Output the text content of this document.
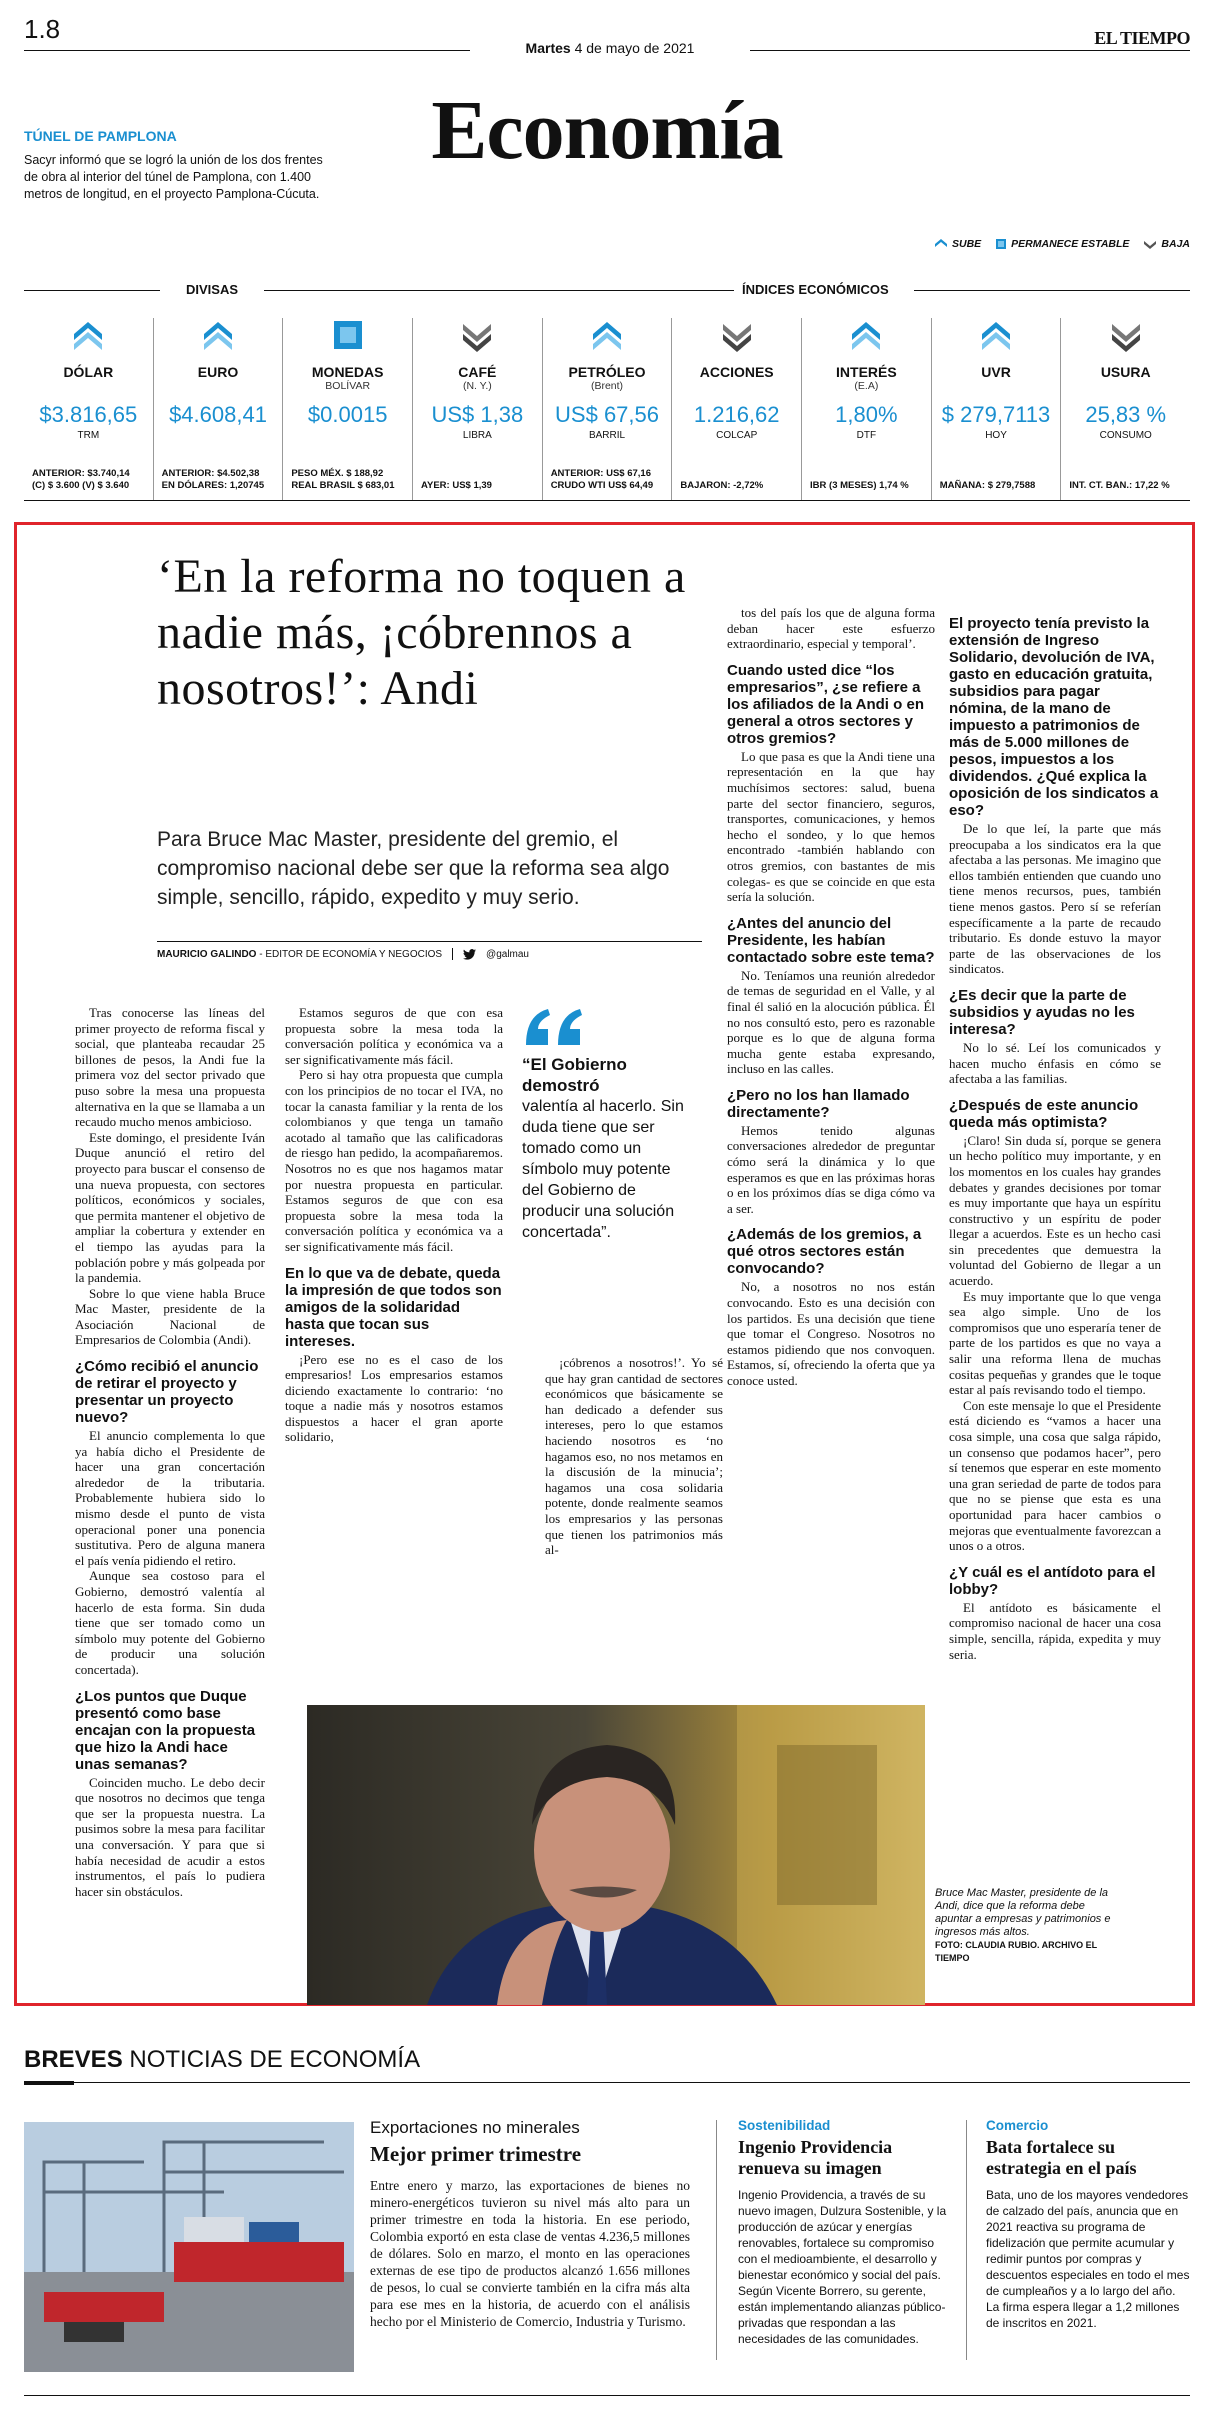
1.8
Martes 4 de mayo de 2021	EL TIEMPO
Economía
TÚNEL DE PAMPLONA
Sacyr informó que se logró la unión de los dos frentes de obra al interior del túnel de Pamplona, con 1.400 metros de longitud, en el proyecto Pamplona-Cúcuta.
SUBE	PERMANECE ESTABLE	BAJA
DIVISAS	ÍNDICES ECONÓMICOS
DÓLAR
$3.816,65
TRM
ANTERIOR: $3.740,14
(C) $ 3.600 (V) $ 3.640
EURO
$4.608,41
ANTERIOR: $4.502,38
EN DÓLARES: 1,20745
MONEDAS
BOLÍVAR
$0.0015
PESO MÉX. $ 188,92
REAL BRASIL $ 683,01
CAFÉ
(N. Y.)
US$ 1,38
LIBRA
AYER: US$ 1,39
PETRÓLEO
(Brent)
US$ 67,56
BARRIL
ANTERIOR: US$ 67,16
CRUDO WTI US$ 64,49
ACCIONES
1.216,62
COLCAP
BAJARON: -2,72%
INTERÉS
(E.A)
1,80%
DTF
IBR (3 MESES) 1,74 %
UVR
$ 279,7113
HOY
MAÑANA: $ 279,7588
USURA
25,83 %
CONSUMO
INT. CT. BAN.: 17,22 %
‘En la reforma no toquen a nadie más, ¡cóbrennos a nosotros!’: Andi
Para Bruce Mac Master, presidente del gremio, el compromiso nacional debe ser que la reforma sea algo simple, sencillo, rápido, expedito y muy serio.
MAURICIO GALINDO - EDITOR DE ECONOMÍA Y NEGOCIOS	@galmau

Tras conocerse las líneas del primer proyecto de reforma fiscal y social, que planteaba recaudar 25 billones de pesos, la Andi fue la primera voz del sector privado que puso sobre la mesa una propuesta alternativa en la que se llamaba a un recaudo mucho menos ambicioso.

Este domingo, el presidente Iván Duque anunció el retiro del proyecto para buscar el consenso de una nueva propuesta, con sectores políticos, económicos y sociales, que permita mantener el objetivo de ampliar la cobertura y extender en el tiempo las ayudas para la población pobre y más golpeada por la pandemia.

Sobre lo que viene habla Bruce Mac Master, presidente de la Asociación Nacional de Empresarios de Colombia (Andi).

¿Cómo recibió el anuncio de retirar el proyecto y presentar un proyecto nuevo?

El anuncio complementa lo que ya había dicho el Presidente de hacer una gran concertación alrededor de la tributaria. Probablemente hubiera sido lo mismo desde el punto de vista operacional poner una ponencia sustitutiva. Pero de alguna manera el país venía pidiendo el retiro.

Aunque sea costoso para el Gobierno, demostró valentía al hacerlo de esta forma. Sin duda tiene que ser tomado como un símbolo muy potente del Gobierno de producir una solución concertada).

¿Los puntos que Duque presentó como base encajan con la propuesta que hizo la Andi hace unas semanas?

Coinciden mucho. Le debo decir que nosotros no decimos que tenga que ser la propuesta nuestra. La pusimos sobre la mesa para facilitar una conversación. Y para que si había necesidad de acudir a estos instrumentos, el país lo pudiera hacer sin obstáculos.

Estamos seguros de que con esa propuesta sobre la mesa toda la conversación política y económica va a ser significativamente más fácil.

Pero si hay otra propuesta que cumpla con los principios de no tocar el IVA, no tocar la canasta familiar y la renta de los colombianos y que tenga un tamaño acotado al tamaño que las calificadoras de riesgo han pedido, la acompañaremos. Nosotros no es que nos hagamos matar por nuestra propuesta en particular. Estamos seguros de que con esa propuesta sobre la mesa toda la conversación política y económica va a ser significativamente más fácil.

En lo que va de debate, queda la impresión de que todos son amigos de la solidaridad hasta que tocan sus intereses.

¡Pero ese no es el caso de los empresarios! Los empresarios estamos diciendo exactamente lo contrario: ‘no toque a nadie más y nosotros estamos dispuestos a hacer el gran aporte solidario,

¡cóbrenos a nosotros!’. Yo sé que hay gran cantidad de sectores económicos que básicamente se han dedicado a defender sus intereses, pero lo que estamos haciendo nosotros es ‘no hagamos eso, no nos metamos en la discusión de la minucia’; hagamos una cosa solidaria potente, donde realmente seamos los empresarios y las personas que tienen los patrimonios más al-

“El Gobierno demostró
valentía al hacerlo. Sin duda tiene que ser tomado como un símbolo muy potente del Gobierno de producir una solución concertada”.

tos del país los que de alguna forma deban hacer este esfuerzo extraordinario, especial y temporal’.

Cuando usted dice “los empresarios”, ¿se refiere a los afiliados de la Andi o en general a otros sectores y otros gremios?

Lo que pasa es que la Andi tiene una representación en la que hay muchísimos sectores: salud, buena parte del sector financiero, seguros, transportes, comunicaciones, y hemos hecho el sondeo, y lo que hemos encontrado -también hablando con otros gremios, con bastantes de mis colegas- es que se coincide en que esta sería la solución.

¿Antes del anuncio del Presidente, les habían contactado sobre este tema?

No. Teníamos una reunión alrededor de temas de seguridad en el Valle, y al final él salió en la alocución pública. Él no nos consultó esto, pero es razonable porque es lo que de alguna forma mucha gente estaba expresando, incluso en las calles.

¿Pero no los han llamado directamente?

Hemos tenido algunas conversaciones alrededor de preguntar cómo será la dinámica y lo que esperamos es que en las próximas horas o en los próximos días se diga cómo va a ser.

¿Además de los gremios, a qué otros sectores están convocando?

No, a nosotros no nos están convocando. Esto es una decisión con los partidos. Es una decisión que tiene que tomar el Congreso. Nosotros no estamos pidiendo que nos convoquen. Estamos, sí, ofreciendo la oferta que ya conoce usted.

El proyecto tenía previsto la extensión de Ingreso Solidario, devolución de IVA, gasto en educación gratuita, subsidios para pagar nómina, de la mano de impuesto a patrimonios de más de 5.000 millones de pesos, impuestos a los dividendos. ¿Qué explica la oposición de los sindicatos a eso?

De lo que leí, la parte que más preocupaba a los sindicatos era la que afectaba a las personas. Me imagino que ellos también entienden que cuando uno tiene menos recursos, pues, también tiene menos gastos. Pero sí se referían específicamente a la parte de recaudo tributario. Es donde estuvo la mayor parte de las observaciones de los sindicatos.

¿Es decir que la parte de subsidios y ayudas no les interesa?

No lo sé. Leí los comunicados y hacen mucho énfasis en cómo se afectaba a las familias.

¿Después de este anuncio queda más optimista?

¡Claro! Sin duda sí, porque se genera un hecho político muy importante, y en los momentos en los cuales hay grandes debates y grandes decisiones por tomar es muy importante que haya un espíritu constructivo y un espíritu de poder llegar a acuerdos. Este es un hecho casi sin precedentes que demuestra la voluntad del Gobierno de llegar a un acuerdo.

Es muy importante que lo que venga sea algo simple. Uno de los compromisos que uno esperaría tener de parte de los partidos es que no vaya a salir una reforma llena de muchas cositas pequeñas y grandes que le toque estar al país revisando todo el tiempo.

Con este mensaje lo que el Presidente está diciendo es “vamos a hacer una cosa simple, una cosa que salga rápido, un consenso que podamos hacer”, pero sí tenemos que esperar en este momento una gran seriedad de parte de todos para que no se piense que esta es una oportunidad para hacer cambios o mejoras que eventualmente favorezcan a unos o a otros.

¿Y cuál es el antídoto para el lobby?

El antídoto es básicamente el compromiso nacional de hacer una cosa simple, sencilla, rápida, expedita y muy seria.

Bruce Mac Master, presidente de la Andi, dice que la reforma debe apuntar a empresas y patrimonios e ingresos más altos.
FOTO: CLAUDIA RUBIO. ARCHIVO EL TIEMPO
BREVES NOTICIAS DE ECONOMÍA
Exportaciones no minerales
Mejor primer trimestre
Entre enero y marzo, las exportaciones de bienes no minero-energéticos tuvieron su nivel más alto para un primer trimestre en toda la historia. En ese periodo, Colombia exportó en esta clase de ventas 4.236,5 millones de dólares. Solo en marzo, el monto en las operaciones externas de ese tipo de productos alcanzó 1.656 millones de pesos, lo cual se convierte también en la cifra más alta para ese mes en la historia, de acuerdo con el análisis hecho por el Ministerio de Comercio, Industria y Turismo.
Sostenibilidad
Ingenio Providencia renueva su imagen
Ingenio Providencia, a través de su nuevo imagen, Dulzura Sostenible, y la producción de azúcar y energías renovables, fortalece su compromiso con el medioambiente, el desarrollo y bienestar económico y social del país. Según Vicente Borrero, su gerente, están implementando alianzas público-privadas que respondan a las necesidades de las comunidades.
Comercio
Bata fortalece su estrategia en el país
Bata, uno de los mayores vendedores de calzado del país, anuncia que en 2021 reactiva su programa de fidelización que permite acumular y redimir puntos por compras y descuentos especiales en todo el mes de cumpleaños y a lo largo del año. La firma espera llegar a 1,2 millones de inscritos en 2021.
